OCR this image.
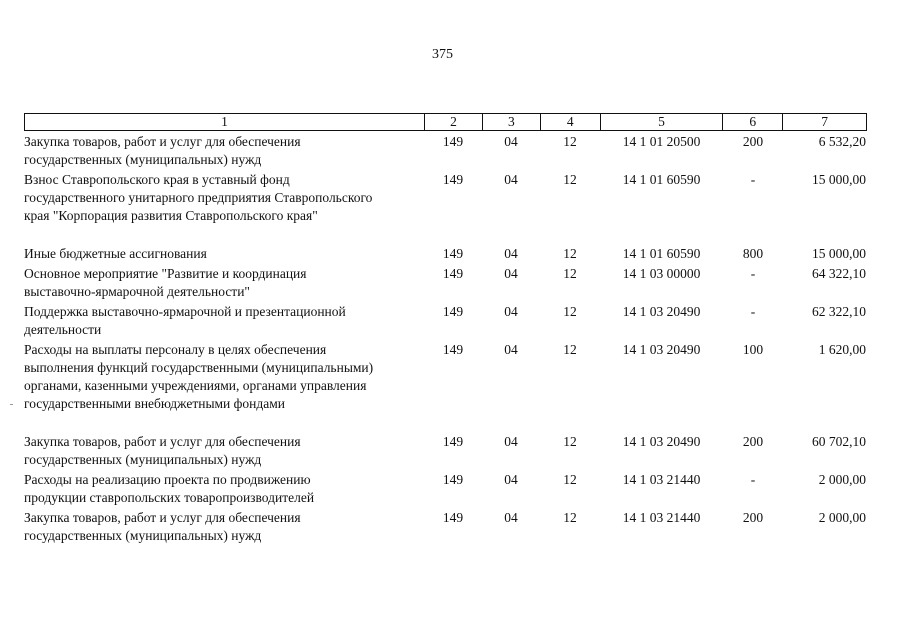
375
1	2	3	4	5	6	7
Закупка товаров, работ и услуг для обеспечения
государственных (муниципальных) нужд
149	04	12	14 1 01 20500	200	6 532,20
Взнос Ставропольского края в уставный фонд
государственного унитарного предприятия Ставропольского
края "Корпорация развития Ставропольского края"
149	04	12	14 1 01 60590	-	15 000,00
Иные бюджетные ассигнования	149	04	12	14 1 01 60590	800	15 000,00
Основное мероприятие "Развитие и координация
выставочно-ярмарочной деятельности"
149	04	12	14 1 03 00000	-	64 322,10
Поддержка выставочно-ярмарочной и презентационной
деятельности
149	04	12	14 1 03 20490	-	62 322,10
Расходы на выплаты персоналу в целях обеспечения
выполнения функций государственными (муниципальными)
органами, казенными учреждениями, органами управления
государственными внебюджетными фондами
149	04	12	14 1 03 20490	100	1 620,00
Закупка товаров, работ и услуг для обеспечения
государственных (муниципальных) нужд
149	04	12	14 1 03 20490	200	60 702,10
Расходы на реализацию проекта по продвижению
продукции ставропольских товаропроизводителей
149	04	12	14 1 03 21440	-	2 000,00
Закупка товаров, работ и услуг для обеспечения
государственных (муниципальных) нужд
149	04	12	14 1 03 21440	200	2 000,00
